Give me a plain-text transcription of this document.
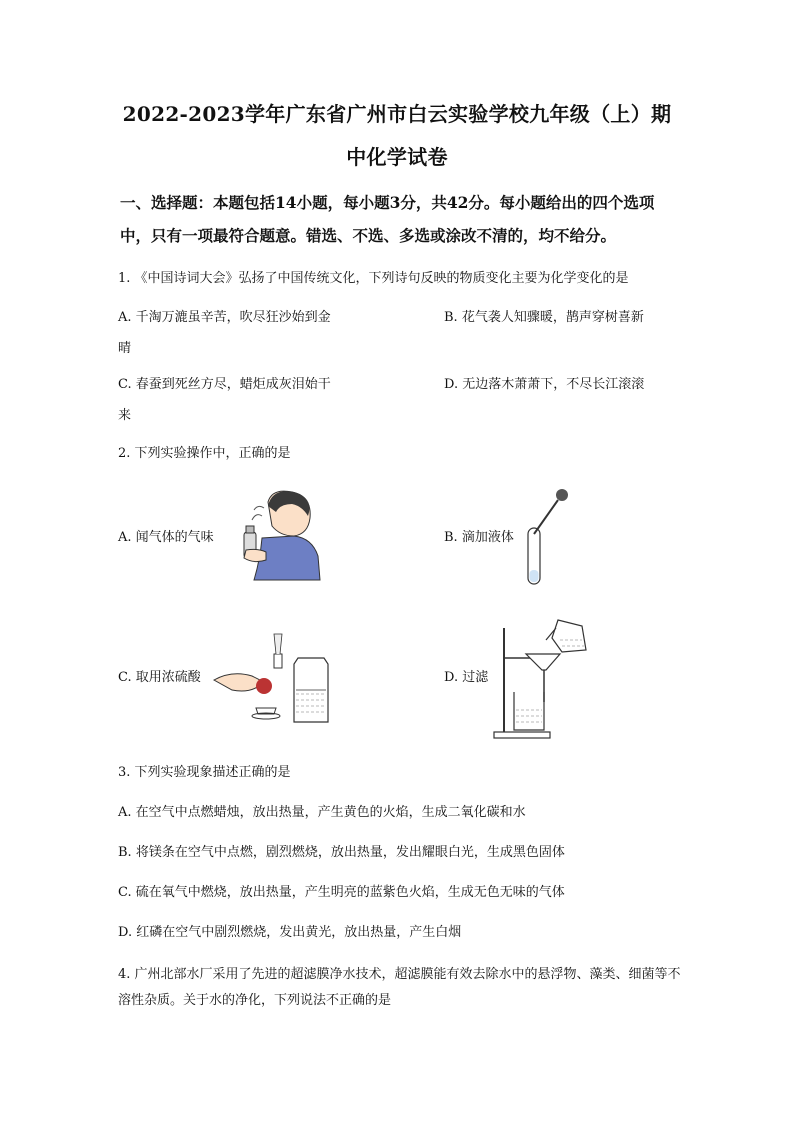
2022-2023学年广东省广州市白云实验学校九年级（上）期
中化学试卷
一、选择题：本题包括14小题，每小题3分，共42分。每小题给出的四个选项中，只有一项最符合题意。错选、不选、多选或涂改不清的，均不给分。
1. 《中国诗词大会》弘扬了中国传统文化，下列诗句反映的物质变化主要为化学变化的是
A. 千淘万漉虽辛苦，吹尽狂沙始到金
晴
B. 花气袭人知骤暖，鹊声穿树喜新
C. 春蚕到死丝方尽，蜡炬成灰泪始干
来
D. 无边落木萧萧下，不尽长江滚滚
2. 下列实验操作中，正确的是
A. 闻气体的气味	B. 滴加液体
C. 取用浓硫酸	D. 过滤
3. 下列实验现象描述正确的是
A. 在空气中点燃蜡烛，放出热量，产生黄色的火焰，生成二氧化碳和水
B. 将镁条在空气中点燃，剧烈燃烧，放出热量，发出耀眼白光，生成黑色固体
C. 硫在氧气中燃烧，放出热量，产生明亮的蓝紫色火焰，生成无色无味的气体
D. 红磷在空气中剧烈燃烧，发出黄光，放出热量，产生白烟
4. 广州北部水厂采用了先进的超滤膜净水技术，超滤膜能有效去除水中的悬浮物、藻类、细菌等不溶性杂质。关于水的净化，下列说法不正确的是
